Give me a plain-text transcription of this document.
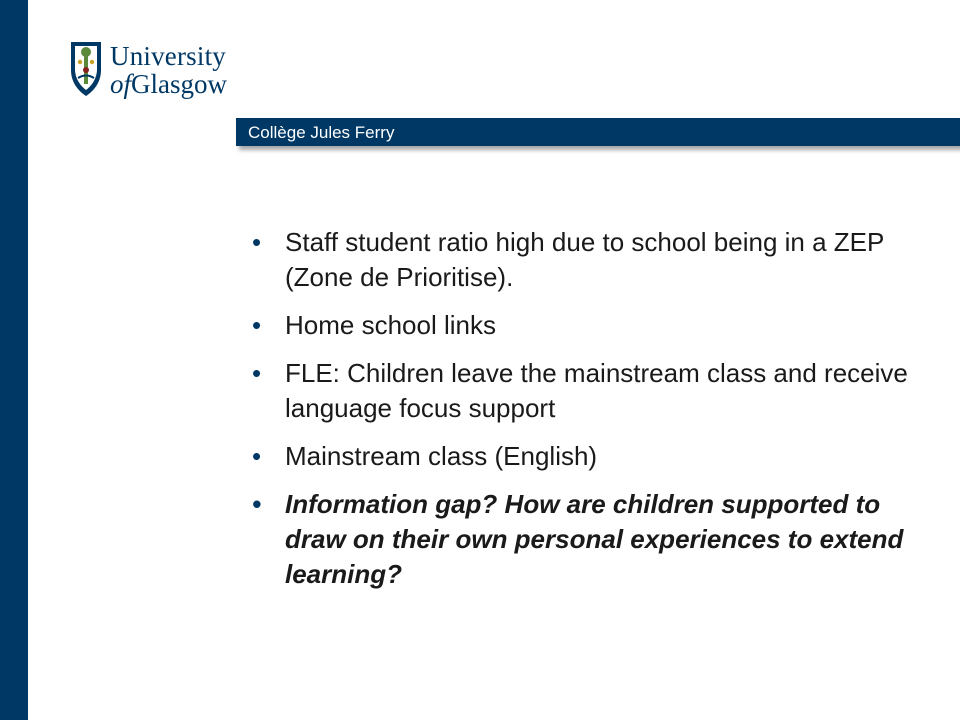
University
ofGlasgow
Collège Jules Ferry
• Staff student ratio high due to school being in a ZEP (Zone de Prioritise).
• Home school links
• FLE: Children leave the mainstream class and receive language focus support
• Mainstream class (English)
• Information gap? How are children supported to draw on their own personal experiences to extend learning?
